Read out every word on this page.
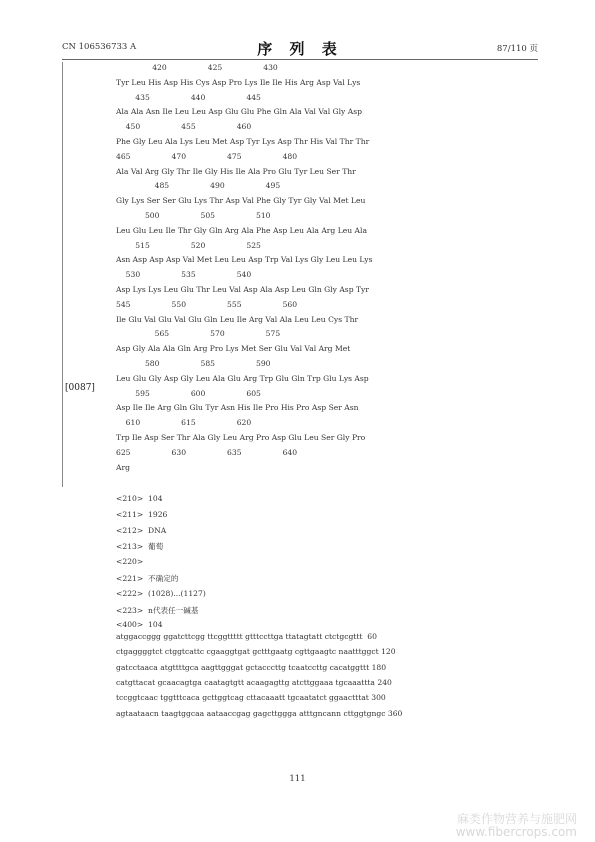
CN 106536733 A	序 列 表	87/110 页
[0087]
111
麻类作物营养与施肥网
www.fibercrops.com
420                 425                 430
Tyr Leu His Asp His Cys Asp Pro Lys Ile Ile His Arg Asp Val Lys
435                 440                 445
Ala Ala Asn Ile Leu Leu Asp Glu Glu Phe Gln Ala Val Val Gly Asp
450                 455                 460
Phe Gly Leu Ala Lys Leu Met Asp Tyr Lys Asp Thr His Val Thr Thr
465                 470                 475                 480
Ala Val Arg Gly Thr Ile Gly His Ile Ala Pro Glu Tyr Leu Ser Thr
485                 490                 495
Gly Lys Ser Ser Glu Lys Thr Asp Val Phe Gly Tyr Gly Val Met Leu
500                 505                 510
Leu Glu Leu Ile Thr Gly Gln Arg Ala Phe Asp Leu Ala Arg Leu Ala
515                 520                 525
Asn Asp Asp Asp Val Met Leu Leu Asp Trp Val Lys Gly Leu Leu Lys
530                 535                 540
Asp Lys Lys Leu Glu Thr Leu Val Asp Ala Asp Leu Gln Gly Asp Tyr
545                 550                 555                 560
Ile Glu Val Glu Val Glu Gln Leu Ile Arg Val Ala Leu Leu Cys Thr
565                 570                 575
Asp Gly Ala Ala Gln Arg Pro Lys Met Ser Glu Val Val Arg Met
580                 585                 590
Leu Glu Gly Asp Gly Leu Ala Glu Arg Trp Glu Gln Trp Glu Lys Asp
595                 600                 605
Asp Ile Ile Arg Gln Glu Tyr Asn His Ile Pro His Pro Asp Ser Asn
610                 615                 620
Trp Ile Asp Ser Thr Ala Gly Leu Arg Pro Asp Glu Leu Ser Gly Pro
625                 630                 635                 640
Arg
<210>  104
<211>  1926
<212>  DNA
<213>  葡萄
<220>
<221>  不确定的
<222>  (1028)...(1127)
<223>  n代表任一碱基
<400>  104
atggaccggg ggatcttcgg ttcggttttt gtttccttga ttatagtatt ctctgcgttt  60
ctgaggggtct ctggtcattc cgaaggtgat gctttgaatg cgttgaagtc naatttggct 120
gatcctaaca atgttttgca aagttgggat gctacccttg tcaatccttg cacatggttt 180
catgttacat gcaacagtga caatagtgtt acaagagttg atcttggaaa tgcaaattta 240
tccggtcaac tggtttcaca gcttggtcag cttacaaatt tgcaatatct ggaactttat 300
agtaataacn taagtggcaa aataaccgag gagcttggga atttgncann cttggtgngc 360
